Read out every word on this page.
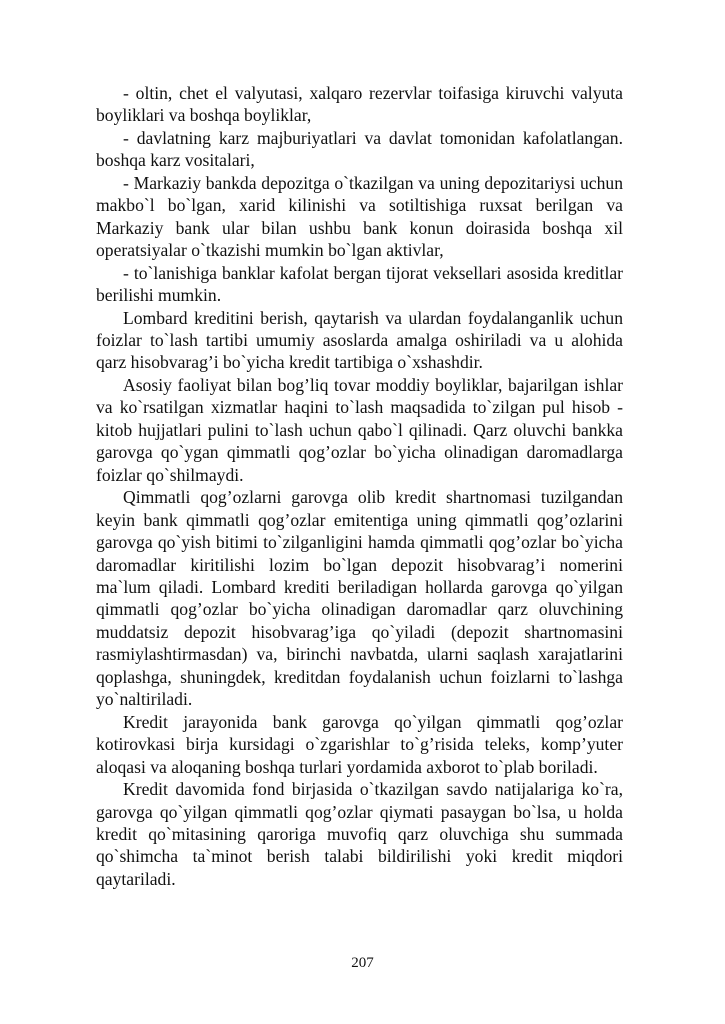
- oltin, chet el valyutasi, xalqaro rezervlar toifasiga kiruvchi valyuta boyliklari va boshqa boyliklar,

- davlatning karz majburiyatlari va davlat tomonidan kafolatlangan. boshqa karz vositalari,

- Markaziy bankda depozitga o`tkazilgan va uning depozitariysi uchun makbo`l bo`lgan, xarid kilinishi va sotiltishiga ruxsat berilgan va Markaziy bank ular bilan ushbu bank konun doirasida boshqa xil operatsiyalar o`tkazishi mumkin bo`lgan aktivlar,

- to`lanishiga banklar kafolat bergan tijorat veksellari asosida kreditlar berilishi mumkin.

Lombard kreditini berish, qaytarish va ulardan foydalanganlik uchun foizlar to`lash tartibi umumiy asoslarda amalga oshiriladi va u alohida qarz hisobvarag’i bo`yicha kredit tartibiga o`xshashdir.

Asosiy faoliyat bilan bog’liq tovar moddiy boyliklar, bajarilgan ishlar va ko`rsatilgan xizmatlar haqini to`lash maqsadida to`zilgan pul hisob - kitob hujjatlari pulini to`lash uchun qabo`l qilinadi. Qarz oluvchi bankka garovga qo`ygan qimmatli qog’ozlar bo`yicha olinadigan daromadlarga foizlar qo`shilmaydi.

Qimmatli qog’ozlarni garovga olib kredit shartnomasi tuzilgandan keyin bank qimmatli qog’ozlar emitentiga uning qimmatli qog’ozlarini garovga qo`yish bitimi to`zilganligini hamda qimmatli qog’ozlar bo`yicha daromadlar kiritilishi lozim bo`lgan depozit hisobvarag’i nomerini ma`lum qiladi. Lombard krediti beriladigan hollarda garovga qo`yilgan qimmatli qog’ozlar bo`yicha olinadigan daromadlar qarz oluvchining muddatsiz depozit hisobvarag’iga qo`yiladi (depozit shartnomasini rasmiylashtirmasdan) va, birinchi navbatda, ularni saqlash xarajatlarini qoplashga, shuningdek, kreditdan foydalanish uchun foizlarni to`lashga yo`naltiriladi.

Kredit jarayonida bank garovga qo`yilgan qimmatli qog’ozlar kotirovkasi birja kursidagi o`zgarishlar to`g’risida teleks, komp’yuter aloqasi va aloqaning boshqa turlari yordamida axborot to`plab boriladi.

Kredit davomida fond birjasida o`tkazilgan savdo natijalariga ko`ra, garovga qo`yilgan qimmatli qog’ozlar qiymati pasaygan bo`lsa, u holda kredit qo`mitasining qaroriga muvofiq qarz oluvchiga shu summada qo`shimcha ta`minot berish talabi bildirilishi yoki kredit miqdori qaytariladi.

207
